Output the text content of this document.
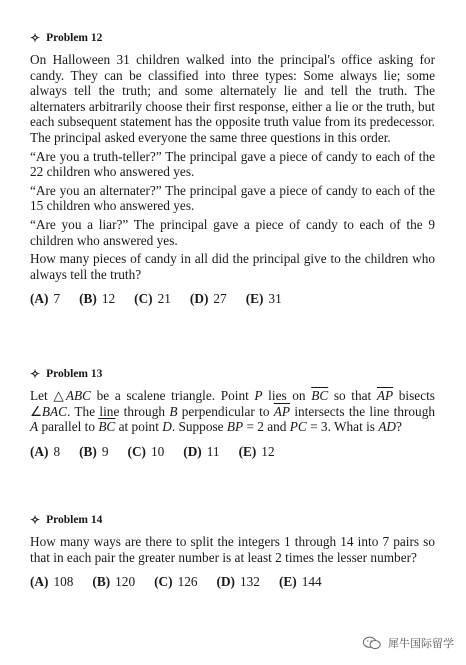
✧ Problem 12

On Halloween 31 children walked into the principal's office asking for candy. They can be classified into three types: Some always lie; some always tell the truth; and some alternately lie and tell the truth. The alternaters arbitrarily choose their first response, either a lie or the truth, but each subsequent statement has the opposite truth value from its predecessor. The principal asked everyone the same three questions in this order.

“Are you a truth-teller?” The principal gave a piece of candy to each of the 22 children who answered yes.

“Are you an alternater?” The principal gave a piece of candy to each of the 15 children who answered yes.

“Are you a liar?” The principal gave a piece of candy to each of the 9 children who answered yes.

How many pieces of candy in all did the principal give to the children who always tell the truth?

(A) 7 (B) 12 (C) 21 (D) 27 (E) 31
✧ Problem 13

Let △ABC be a scalene triangle. Point P lies on $\overline{BC}$ so that $\overline{AP}$ bisects ∠BAC. The line through B perpendicular to $\overline{AP}$ intersects the line through A parallel to $\overline{BC}$ at point D. Suppose BP = 2 and PC = 3. What is AD?

(A) 8 (B) 9 (C) 10 (D) 11 (E) 12
✧ Problem 14

How many ways are there to split the integers 1 through 14 into 7 pairs so that in each pair the greater number is at least 2 times the lesser number?

(A) 108 (B) 120 (C) 126 (D) 132 (E) 144
犀牛国际留学
